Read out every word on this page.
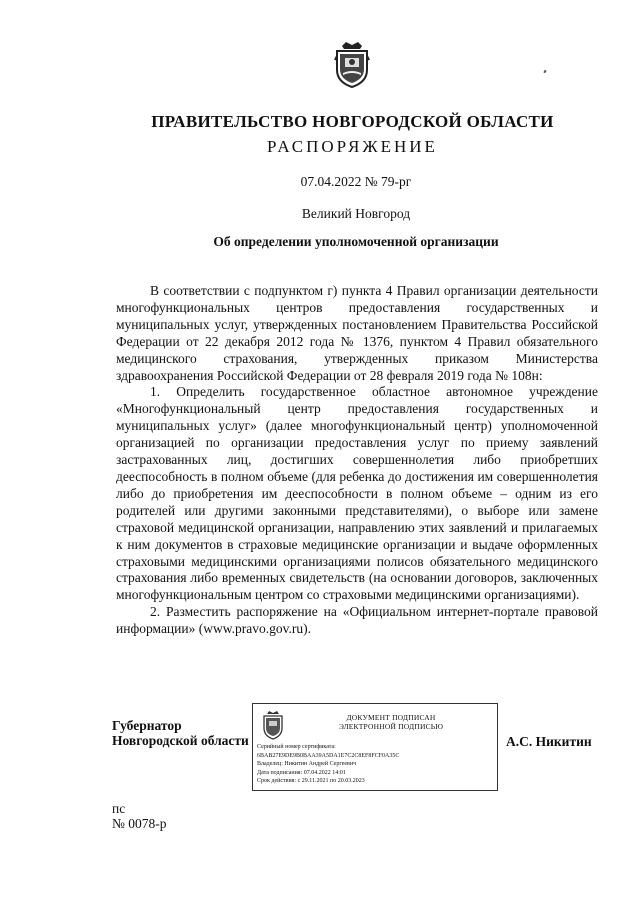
ПРАВИТЕЛЬСТВО НОВГОРОДСКОЙ ОБЛАСТИ
РАСПОРЯЖЕНИЕ
07.04.2022 № 79-рг
Великий Новгород
Об определении уполномоченной организации

В соответствии с подпунктом г) пункта 4 Правил организации деятельности многофункциональных центров предоставления государственных и муниципальных услуг, утвержденных постановлением Правительства Российской Федерации от 22 декабря 2012 года № 1376, пунктом 4 Правил обязательного медицинского страхования, утвержденных приказом Министерства здравоохранения Российской Федерации от 28 февраля 2019 года № 108н:

1. Определить государственное областное автономное учреждение «Многофункциональный центр предоставления государственных и муниципальных услуг» (далее многофункциональный центр) уполномоченной организацией по организации предоставления услуг по приему заявлений застрахованных лиц, достигших совершеннолетия либо приобретших дееспособность в полном объеме (для ребенка до достижения им совершеннолетия либо до приобретения им дееспособности в полном объеме – одним из его родителей или другими законными представителями), о выборе или замене страховой медицинской организации, направлению этих заявлений и прилагаемых к ним документов в страховые медицинские организации и выдаче оформленных страховыми медицинскими организациями полисов обязательного медицинского страхования либо временных свидетельств (на основании договоров, заключенных многофункциональным центром со страховыми медицинскими организациями).

2. Разместить распоряжение на «Официальном интернет-портале правовой информации» (www.pravo.gov.ru).

Губернатор
Новгородской области
ДОКУМЕНТ ПОДПИСАН
ЭЛЕКТРОННОЙ ПОДПИСЬЮ
Серийный номер сертификата:
6BAB27E9DE9B0BAA39A5DA1E7C2C8EF8FCF0A35C
Владелец: Никитин Андрей Сергеевич
Дата подписания: 07.04.2022 14:01
Срок действия: с 29.11.2021 по 20.03.2023
А.С. Никитин
пс
№ 0078-р
